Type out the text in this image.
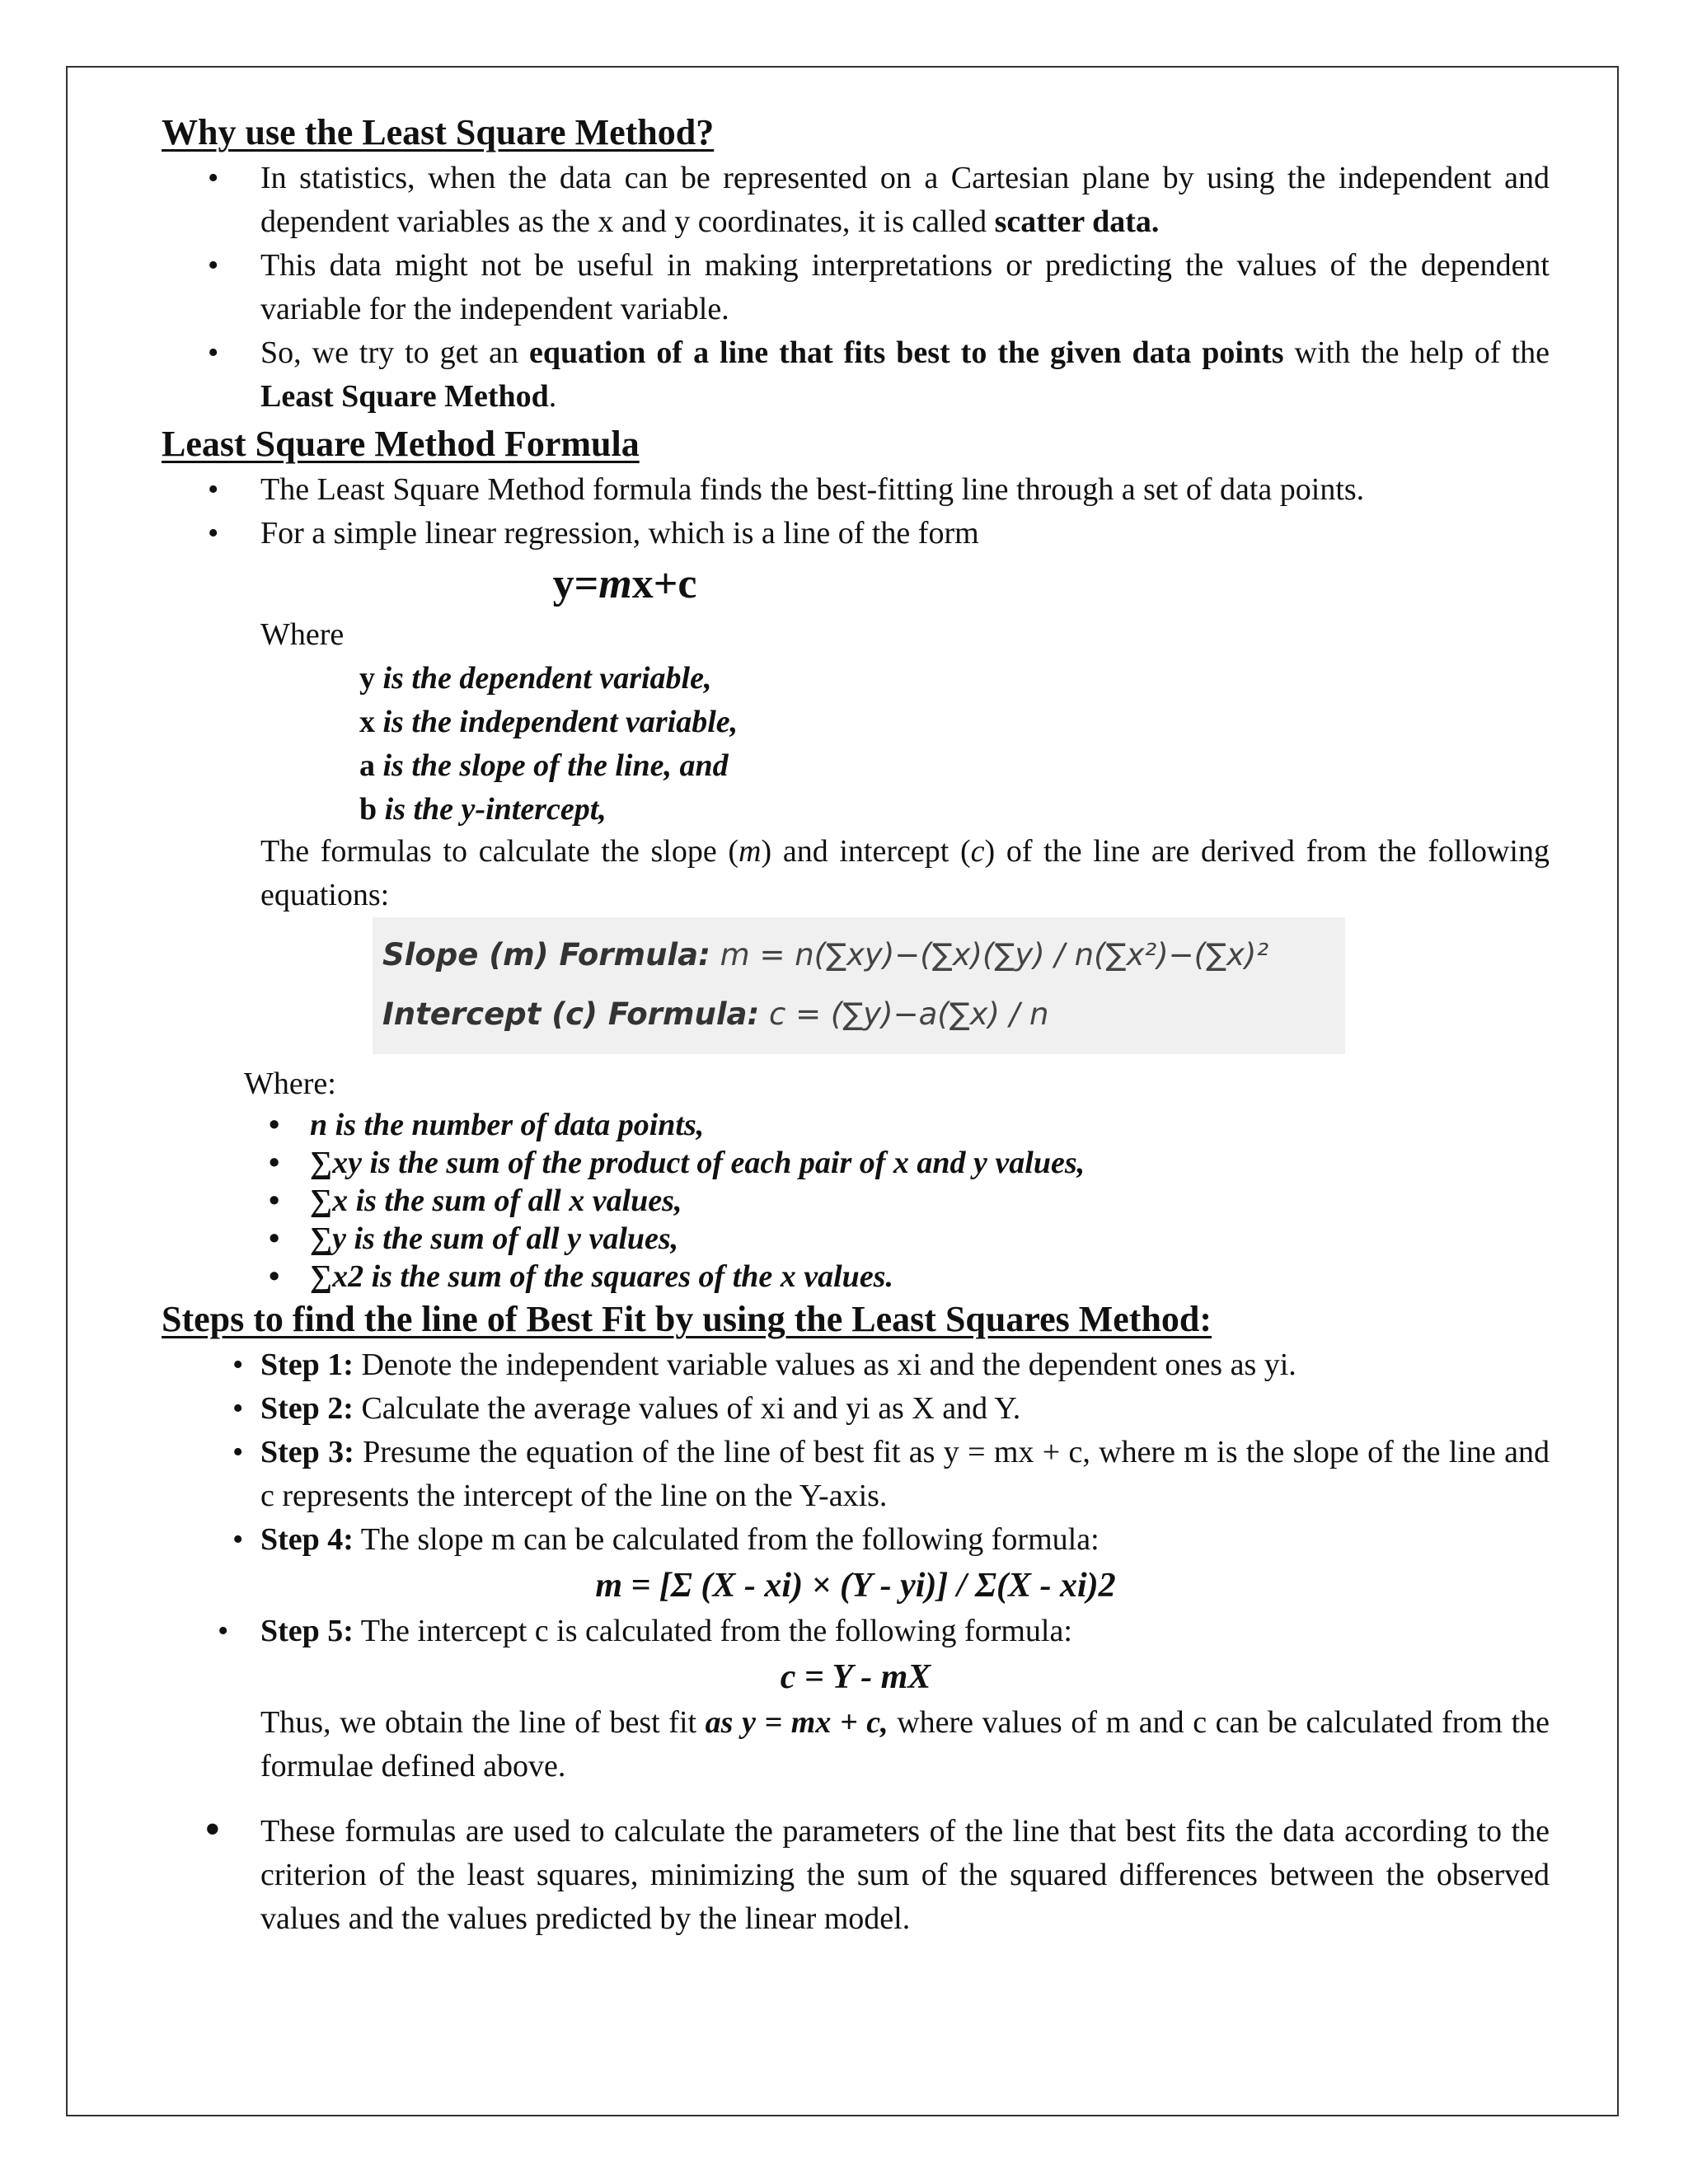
Why use the Least Square Method?
• In statistics, when the data can be represented on a Cartesian plane by using the independent and dependent variables as the x and y coordinates, it is called scatter data.
• This data might not be useful in making interpretations or predicting the values of the dependent variable for the independent variable.
• So, we try to get an equation of a line that fits best to the given data points with the help of the Least Square Method.
Least Square Method Formula
• The Least Square Method formula finds the best-fitting line through a set of data points.
• For a simple linear regression, which is a line of the form
y=mx+c
Where
y is the dependent variable,
x is the independent variable,
a is the slope of the line, and
b is the y-intercept,
The formulas to calculate the slope (m) and intercept (c) of the line are derived from the following equations:
Slope (m) Formula: m = n(∑xy)−(∑x)(∑y) / n(∑x²)−(∑x)²
Intercept (c) Formula: c = (∑y)−a(∑x) / n
Where:
• n is the number of data points,
• ∑xy is the sum of the product of each pair of x and y values,
• ∑x is the sum of all x values,
• ∑y is the sum of all y values,
• ∑x2 is the sum of the squares of the x values.
Steps to find the line of Best Fit by using the Least Squares Method:
• Step 1: Denote the independent variable values as xi and the dependent ones as yi.
• Step 2: Calculate the average values of xi and yi as X and Y.
• Step 3: Presume the equation of the line of best fit as y = mx + c, where m is the slope of the line and c represents the intercept of the line on the Y-axis.
• Step 4: The slope m can be calculated from the following formula:
m = [Σ (X - xi) × (Y - yi)] / Σ(X - xi)2
• Step 5: The intercept c is calculated from the following formula:
c = Y - mX
Thus, we obtain the line of best fit as y = mx + c, where values of m and c can be calculated from the formulae defined above.
• These formulas are used to calculate the parameters of the line that best fits the data according to the criterion of the least squares, minimizing the sum of the squared differences between the observed values and the values predicted by the linear model.
